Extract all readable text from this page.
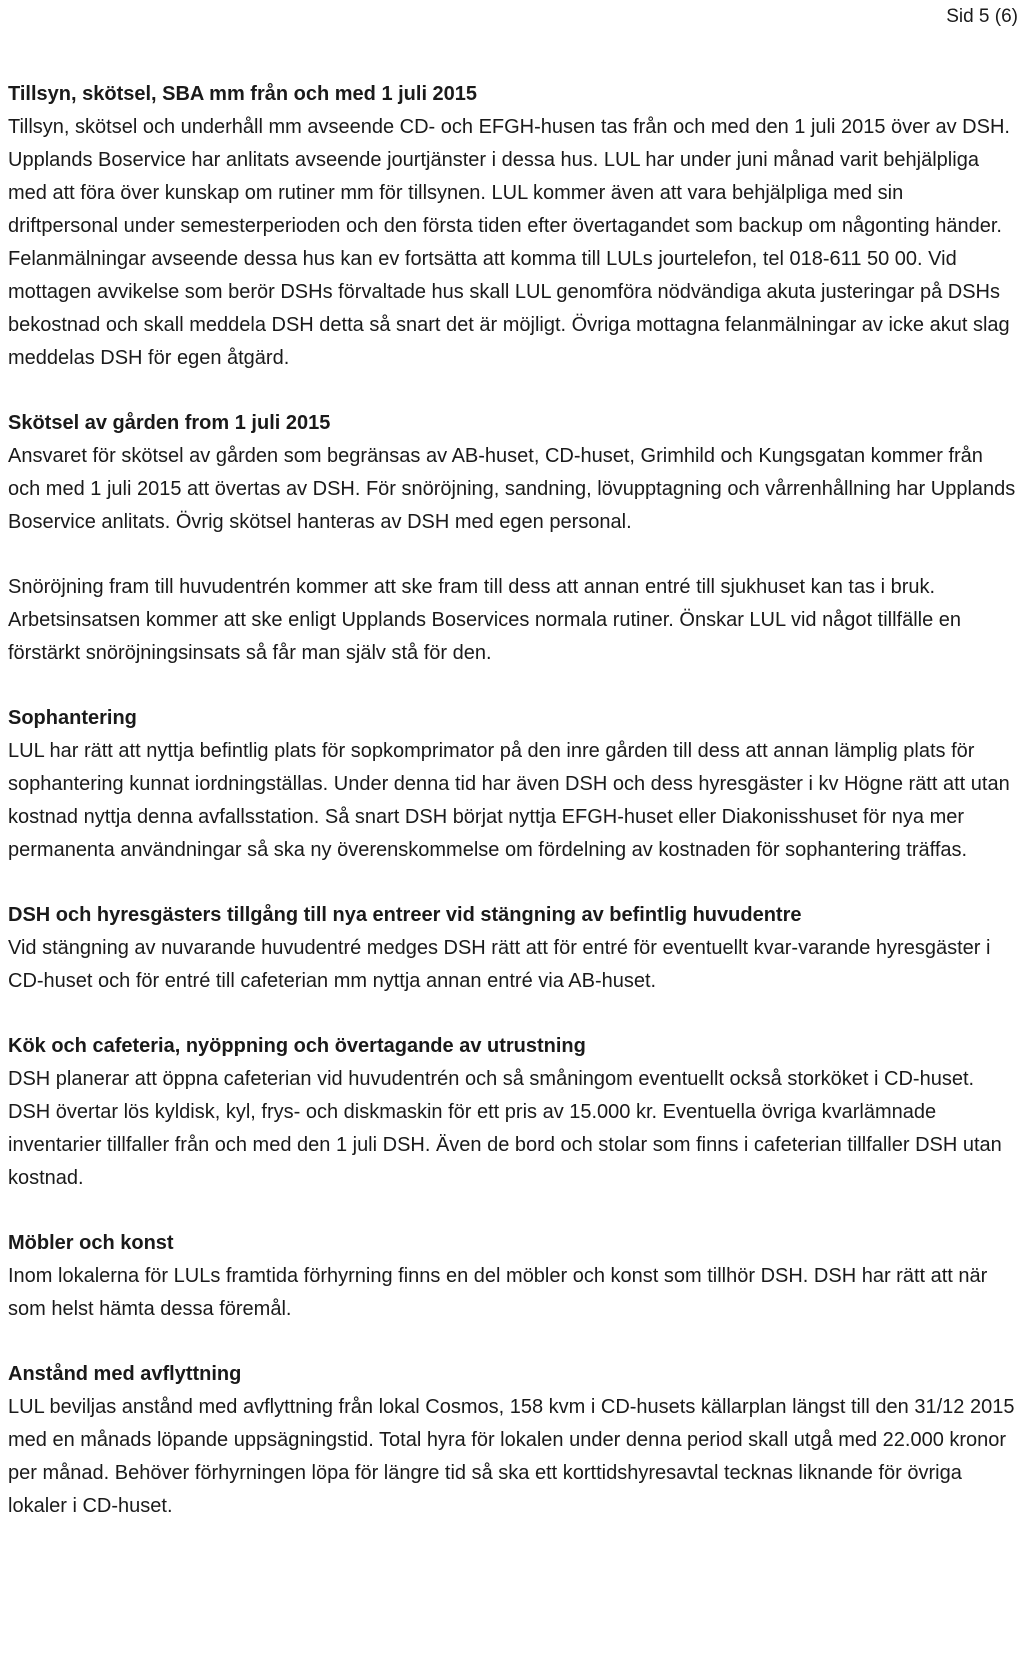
Sid 5 (6)
Tillsyn, skötsel, SBA mm från och med 1 juli 2015

Tillsyn, skötsel och underhåll mm avseende CD- och EFGH-husen tas från och med den 1 juli 2015 över av DSH. Upplands Boservice har anlitats avseende jourtjänster i dessa hus. LUL har under juni månad varit behjälpliga med att föra över kunskap om rutiner mm för tillsynen. LUL kommer även att vara behjälpliga med sin driftpersonal under semesterperioden och den första tiden efter övertagandet som backup om någonting händer. Felanmälningar avseende dessa hus kan ev fortsätta att komma till LULs jourtelefon, tel 018-611 50 00. Vid mottagen avvikelse som berör DSHs förvaltade hus skall LUL genomföra nödvändiga akuta justeringar på DSHs bekostnad och skall meddela DSH detta så snart det är möjligt. Övriga mottagna felanmälningar av icke akut slag meddelas DSH för egen åtgärd.

Skötsel av gården from 1 juli 2015

Ansvaret för skötsel av gården som begränsas av AB-huset, CD-huset, Grimhild och Kungsgatan kommer från och med 1 juli 2015 att övertas av DSH. För snöröjning, sandning, lövupptagning och vårrenhållning har Upplands Boservice anlitats. Övrig skötsel hanteras av DSH med egen personal.

Snöröjning fram till huvudentrén kommer att ske fram till dess att annan entré till sjukhuset kan tas i bruk. Arbetsinsatsen kommer att ske enligt Upplands Boservices normala rutiner. Önskar LUL vid något tillfälle en förstärkt snöröjningsinsats så får man själv stå för den.

Sophantering

LUL har rätt att nyttja befintlig plats för sopkomprimator på den inre gården till dess att annan lämplig plats för sophantering kunnat iordningställas. Under denna tid har även DSH och dess hyresgäster i kv Högne rätt att utan kostnad nyttja denna avfallsstation. Så snart DSH börjat nyttja EFGH-huset eller Diakonisshuset för nya mer permanenta användningar så ska ny överenskommelse om fördelning av kostnaden för sophantering träffas.

DSH och hyresgästers tillgång till nya entreer vid stängning av befintlig huvudentre

Vid stängning av nuvarande huvudentré medges DSH rätt att för entré för eventuellt kvar-varande hyresgäster i CD-huset och för entré till cafeterian mm nyttja annan entré via AB-huset.

Kök och cafeteria, nyöppning och övertagande av utrustning

DSH planerar att öppna cafeterian vid huvudentrén och så småningom eventuellt också storköket i CD-huset. DSH övertar lös kyldisk, kyl, frys- och diskmaskin för ett pris av 15.000 kr. Eventuella övriga kvarlämnade inventarier tillfaller från och med den 1 juli DSH. Även de bord och stolar som finns i cafeterian tillfaller DSH utan kostnad.

Möbler och konst

Inom lokalerna för LULs framtida förhyrning finns en del möbler och konst som tillhör DSH. DSH har rätt att när som helst hämta dessa föremål.

Anstånd med avflyttning

LUL beviljas anstånd med avflyttning från lokal Cosmos, 158 kvm i CD-husets källarplan längst till den 31/12 2015 med en månads löpande uppsägningstid. Total hyra för lokalen under denna period skall utgå med 22.000 kronor per månad. Behöver förhyrningen löpa för längre tid så ska ett korttidshyresavtal tecknas liknande för övriga lokaler i CD-huset.
